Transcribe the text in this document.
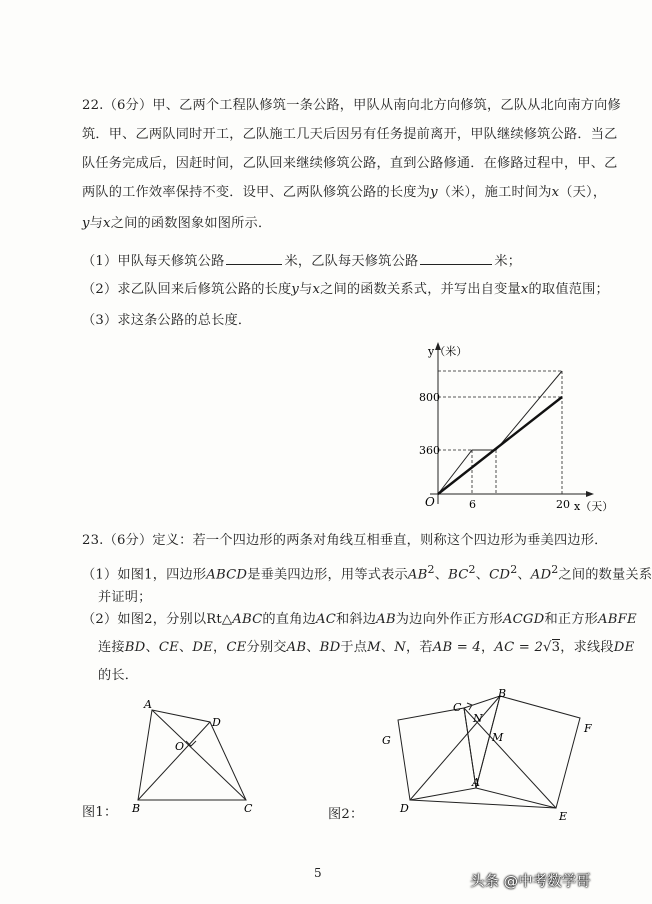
22.（6分）甲、乙两个工程队修筑一条公路，甲队从南向北方向修筑，乙队从北向南方向修
筑．甲、乙两队同时开工，乙队施工几天后因另有任务提前离开，甲队继续修筑公路．当乙
队任务完成后，因赶时间，乙队回来继续修筑公路，直到公路修通．在修路过程中，甲、乙
两队的工作效率保持不变．设甲、乙两队修筑公路的长度为y（米），施工时间为x（天），
y与x之间的函数图象如图所示．
（1）甲队每天修筑公路	米，乙队每天修筑公路	米；
（2）求乙队回来后修筑公路的长度y与x之间的函数关系式，并写出自变量x的取值范围；
（3）求这条公路的总长度．
y（米）
x（天）
800
360
6	20
O
23.（6分）定义：若一个四边形的两条对角线互相垂直，则称这个四边形为垂美四边形．
（1）如图1，四边形ABCD是垂美四边形，用等式表示$AB^2$、$BC^2$、$CD^2$、$AD^2$之间的数量关系
并证明；
（2）如图2，分别以Rt△ABC的直角边AC和斜边AB为边向外作正方形ACGD和正方形ABFE
连接BD、CE、DE，CE分别交AB、BD于点M、N，若AB = 4，AC = 2√3，求线段DE
的长．
A
D
O
B	C
图1：
C
N
B
M
G
F
A
D
E
图2：
5
头条 @中考数学哥
